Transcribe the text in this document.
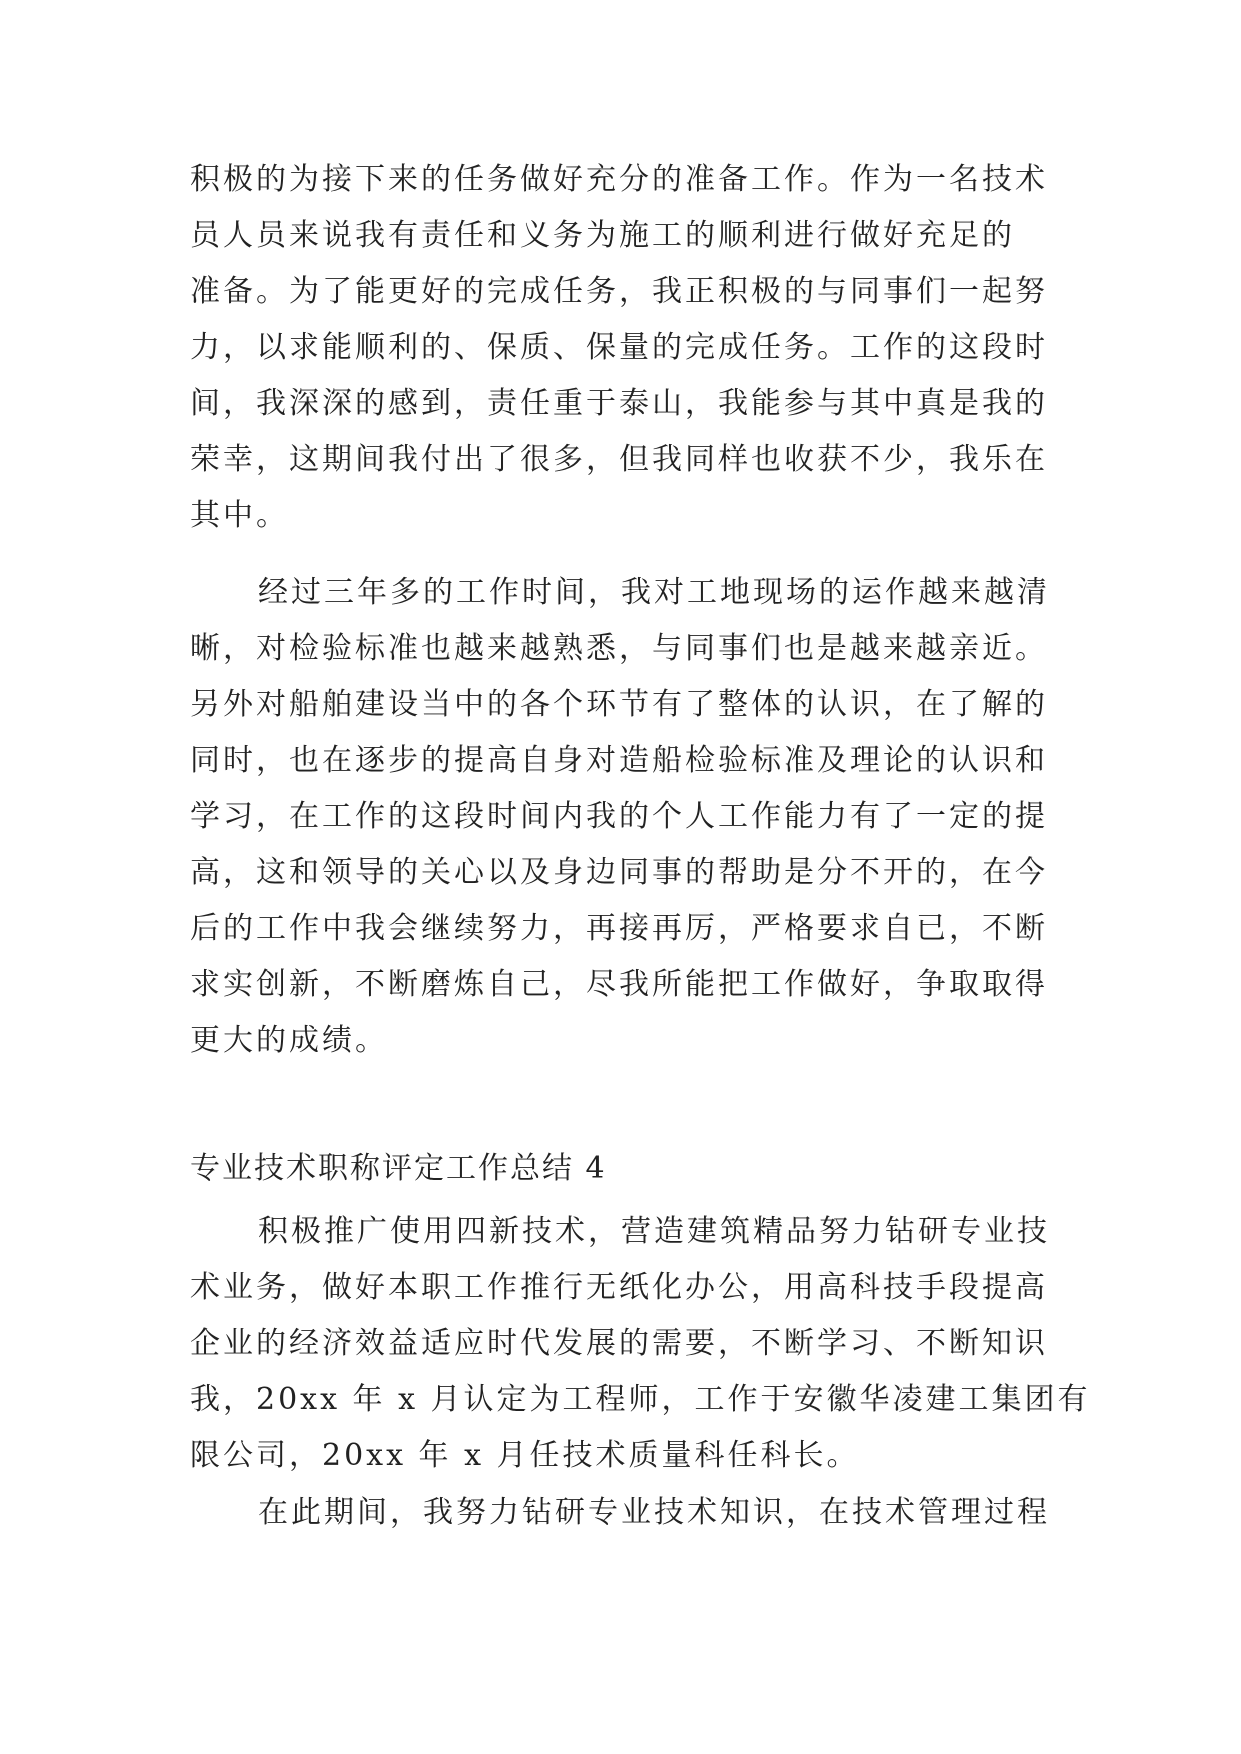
积极的为接下来的任务做好充分的准备工作。作为一名技术
员人员来说我有责任和义务为施工的顺利进行做好充足的
准备。为了能更好的完成任务，我正积极的与同事们一起努
力，以求能顺利的、保质、保量的完成任务。工作的这段时
间，我深深的感到，责任重于泰山，我能参与其中真是我的
荣幸，这期间我付出了很多，但我同样也收获不少，我乐在
其中。
经过三年多的工作时间，我对工地现场的运作越来越清
晰，对检验标准也越来越熟悉，与同事们也是越来越亲近。
另外对船舶建设当中的各个环节有了整体的认识，在了解的
同时，也在逐步的提高自身对造船检验标准及理论的认识和
学习，在工作的这段时间内我的个人工作能力有了一定的提
高，这和领导的关心以及身边同事的帮助是分不开的，在今
后的工作中我会继续努力，再接再厉，严格要求自已，不断
求实创新，不断磨炼自己，尽我所能把工作做好，争取取得
更大的成绩。
专业技术职称评定工作总结 4
积极推广使用四新技术，营造建筑精品努力钻研专业技
术业务，做好本职工作推行无纸化办公，用高科技手段提高
企业的经济效益适应时代发展的需要，不断学习、不断知识
我，20xx 年 x 月认定为工程师，工作于安徽华凌建工集团有
限公司，20xx 年 x 月任技术质量科任科长。
在此期间，我努力钻研专业技术知识，在技术管理过程
